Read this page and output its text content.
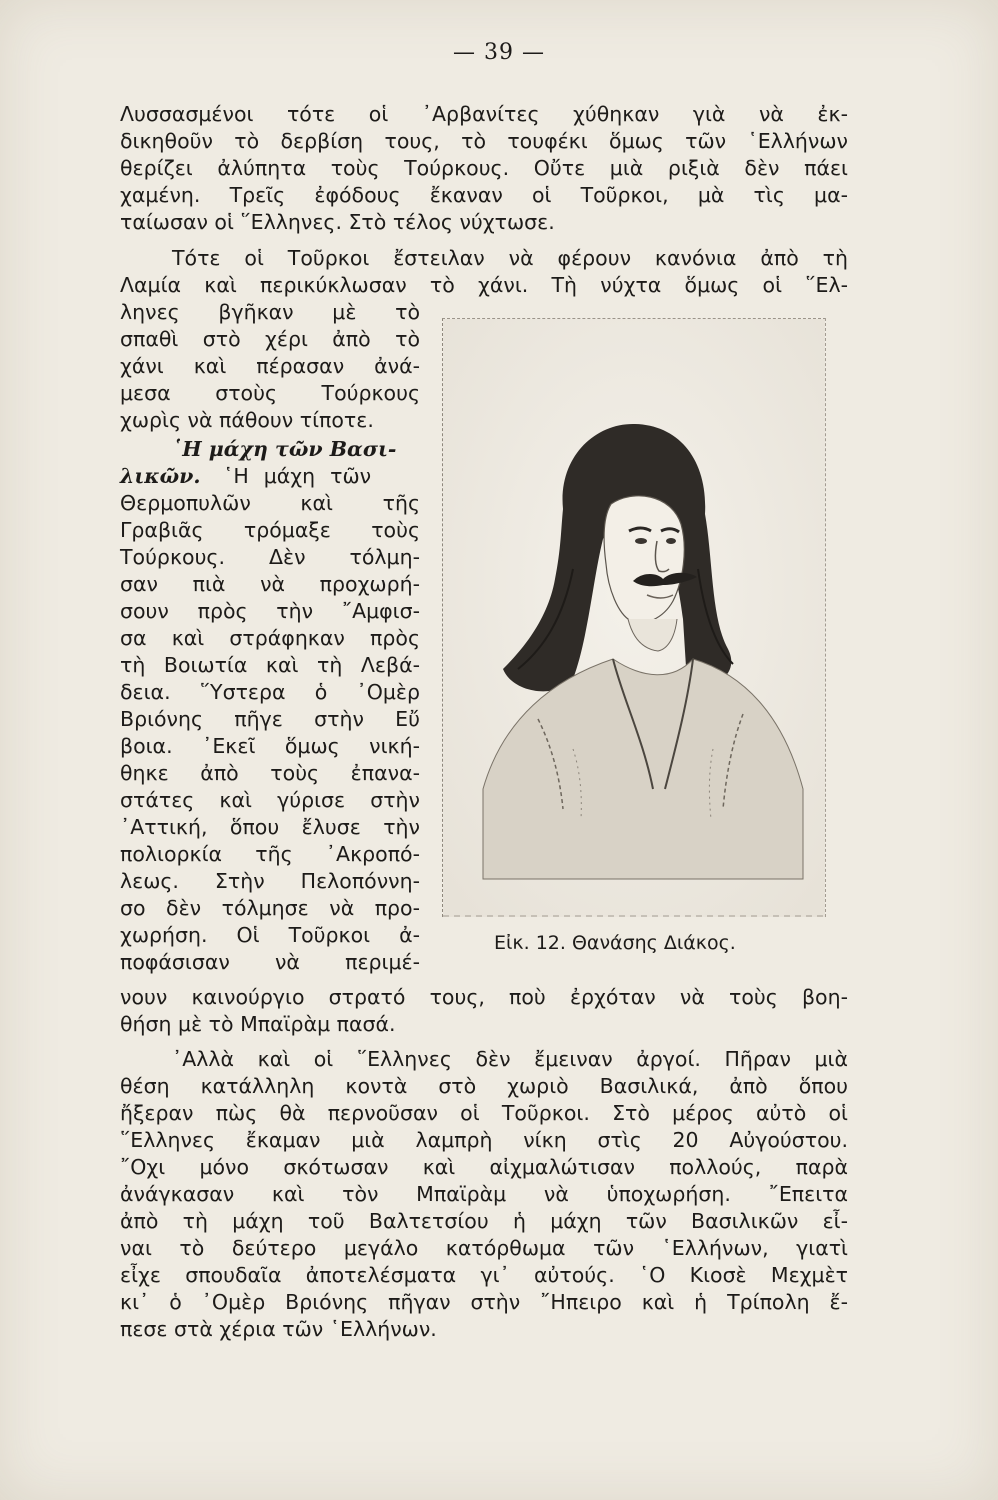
— 39 —
Λυσσασμένοι τότε οἱ ᾽Αρβανίτες χύθηκαν γιὰ νὰ ἐκ-
δικηθοῦν τὸ δερβίση τους, τὸ τουφέκι ὅμως τῶν ῾Ελλήνων
θερίζει ἀλύπητα τοὺς Τούρκους. Οὔτε μιὰ ριξιὰ δὲν πάει
χαμένη. Τρεῖς ἐφόδους ἔκαναν οἱ Τοῦρκοι, μὰ τὶς μα-
ταίωσαν οἱ ῞Ελληνες. Στὸ τέλος νύχτωσε.
Τότε οἱ Τοῦρκοι ἔστειλαν νὰ φέρουν κανόνια ἀπὸ τὴ
Λαμία καὶ περικύκλωσαν τὸ χάνι. Τὴ νύχτα ὅμως οἱ ῞Ελ-
ληνες βγῆκαν μὲ τὸ
σπαθὶ στὸ χέρι ἀπὸ τὸ
χάνι καὶ πέρασαν ἀνά-
μεσα στοὺς Τούρκους
χωρὶς νὰ πάθουν τίποτε.
῾Η μάχη τῶν Βασι-
λικῶν. ῾Η μάχη τῶν
Θερμοπυλῶν καὶ τῆς
Γραβιᾶς τρόμαξε τοὺς
Τούρκους. Δὲν τόλμη-
σαν πιὰ νὰ προχωρή-
σουν πρὸς τὴν ῎Αμφισ-
σα καὶ στράφηκαν πρὸς
τὴ Βοιωτία καὶ τὴ Λεβά-
δεια. ῞Υστερα ὁ ᾽Ομὲρ
Βριόνης πῆγε στὴν Εὔ
βοια. ᾽Εκεῖ ὅμως νική-
θηκε ἀπὸ τοὺς ἐπανα-
στάτες καὶ γύρισε στὴν
᾽Αττική, ὅπου ἔλυσε τὴν
πολιορκία τῆς ᾽Ακροπό-
λεως. Στὴν Πελοπόννη-
σο δὲν τόλμησε νὰ προ-
χωρήση. Οἱ Τοῦρκοι ἀ-
ποφάσισαν νὰ περιμέ-
νουν καινούργιο στρατό τους, ποὺ ἐρχόταν νὰ τοὺς βοη-
θήση μὲ τὸ Μπαϊρὰμ πασά.
᾽Αλλὰ καὶ οἱ ῞Ελληνες δὲν ἔμειναν ἀργοί. Πῆραν μιὰ
θέση κατάλληλη κοντὰ στὸ χωριὸ Βασιλικά, ἀπὸ ὅπου
ἤξεραν πὼς θὰ περνοῦσαν οἱ Τοῦρκοι. Στὸ μέρος αὐτὸ οἱ
῞Ελληνες ἔκαμαν μιὰ λαμπρὴ νίκη στὶς 20 Αὐγούστου.
῎Οχι μόνο σκότωσαν καὶ αἰχμαλώτισαν πολλούς, παρὰ
ἀνάγκασαν καὶ τὸν Μπαϊρὰμ νὰ ὑποχωρήση. ῎Επειτα
ἀπὸ τὴ μάχη τοῦ Βαλτετσίου ἡ μάχη τῶν Βασιλικῶν εἶ-
ναι τὸ δεύτερο μεγάλο κατόρθωμα τῶν ῾Ελλήνων, γιατὶ
εἶχε σπουδαῖα ἀποτελέσματα γι᾽ αὐτούς. ῾Ο Κιοσὲ Μεχμὲτ
κι᾽ ὁ ᾽Ομὲρ Βριόνης πῆγαν στὴν ῎Ηπειρο καὶ ἡ Τρίπολη ἔ-
πεσε στὰ χέρια τῶν ῾Ελλήνων.
Εἰκ. 12. Θανάσης Διάκος.
